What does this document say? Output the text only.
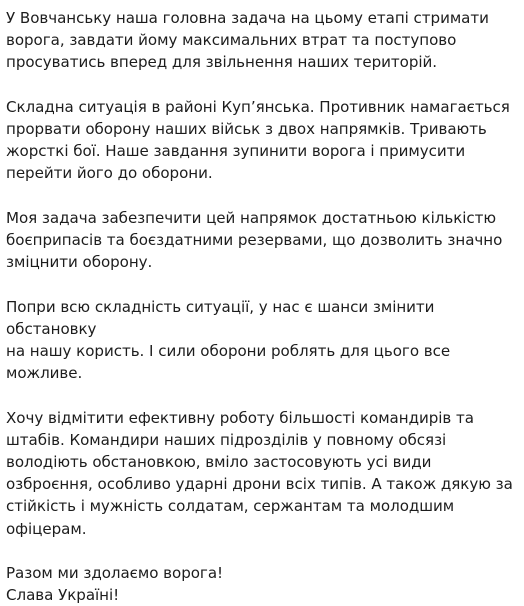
У Вовчанську наша головна задача на цьому етапі стримати
ворога, завдати йому максимальних втрат та поступово
просуватись вперед для звільнення наших територій.

Складна ситуація в районі Куп’янська. Противник намагається
прорвати оборону наших військ з двох напрямків. Тривають
жорсткі бої. Наше завдання зупинити ворога і примусити
перейти його до оборони.

Моя задача забезпечити цей напрямок достатньою кількістю
боєприпасів та боєздатними резервами, що дозволить значно
зміцнити оборону.

Попри всю складність ситуації, у нас є шанси змінити обстановку
на нашу користь. І сили оборони роблять для цього все
можливе.

Хочу відмітити ефективну роботу більшості командирів та
штабів. Командири наших підрозділів у повному обсязі
володіють обстановкою, вміло застосовують усі види
озброєння, особливо ударні дрони всіх типів. А також дякую за
стійкість і мужність солдатам, сержантам та молодшим
офіцерам.

Разом ми здолаємо ворога!
Слава Україні!
